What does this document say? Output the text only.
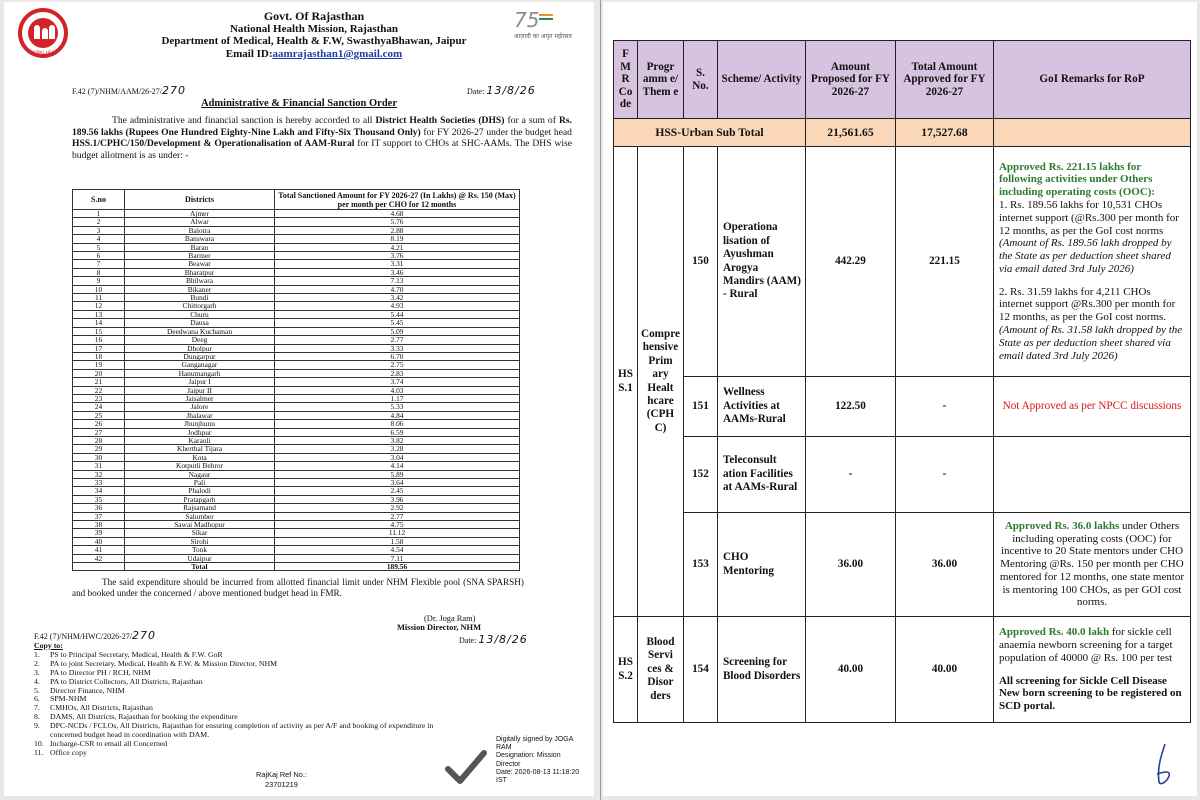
NATIONAL HEALTH MISSION
Govt. Of Rajasthan
National Health Mission, Rajasthan
Department of Medical, Health & F.W, SwasthyaBhawan, Jaipur
Email ID:aamrajasthan1@gmail.com
75
आज़ादी का अमृत महोत्सव
F.42 (7)/NHM/AAM/26-27/270	Date: 13/8/26
Administrative & Financial Sanction Order
The administrative and financial sanction is hereby accorded to all District Health Societies (DHS) for a sum of Rs. 189.56 lakhs (Rupees One Hundred Eighty-Nine Lakh and Fifty-Six Thousand Only) for FY 2026-27 under the budget head HSS.1/CPHC/150/Development & Operationalisation of AAM-Rural for IT support to CHOs at SHC-AAMs. The DHS wise budget allotment is as under: -
S.no	Districts	Total Sanctioned Amount for FY 2026-27 (In Lakhs) @ Rs. 150 (Max) per month per CHO for 12 months
1	Ajmer	4.68
2	Alwar	5.76
3	Balotra	2.88
4	Banswara	8.19
5	Baran	4.21
6	Barmer	3.76
7	Beawar	3.31
8	Bharatpur	3.46
9	Bhilwara	7.13
10	Bikaner	4.70
11	Bundi	3.42
12	Chittorgarh	4.93
13	Churu	5.44
14	Dausa	5.45
15	Deedwana Kuchaman	5.09
16	Deeg	2.77
17	Dholpur	3.33
18	Dungarpur	6.70
19	Ganganagar	2.75
20	Hanumangarh	2.83
21	Jaipur I	3.74
22	Jaipur II	4.03
23	Jaisalmer	1.17
24	Jalore	5.33
25	Jhalawar	4.84
26	Jhunjhunu	8.06
27	Jodhpur	6.59
28	Karauli	3.82
29	Kherthal Tijara	3.28
30	Kota	3.04
31	Kotputli Behror	4.14
32	Nagaur	5.89
33	Pali	3.64
34	Phalodi	2.45
35	Pratapgarh	3.96
36	Rajsamand	2.92
37	Salumber	2.77
38	Sawai Madhopur	4.75
39	Sikar	11.12
40	Sirohi	1.58
41	Tonk	4.54
42	Udaipur	7.11
	Total	189.56
The said expenditure should be incurred from allotted financial limit under NHM Flexible pool (SNA SPARSH) and booked under the concerned / above mentioned budget head in FMR.
(Dr. Joga Ram)
Mission Director, NHM
F.42 (7)/NHM/HWC/2026-27/270	Date: 13/8/26
Copy to:
1.	PS to Principal Secretary, Medical, Health & F.W. GoR
2.	PA to joint Secretary, Medical, Health & F.W. & Mission Director, NHM
3.	PA to Director PH / RCH, NHM
4.	PA to District Collectors, All Districts, Rajasthan
5.	Director Finance, NHM
6.	SPM-NHM
7.	CMHOs, All Districts, Rajasthan
8.	DAMS, All Districts, Rajasthan for booking the expenditure
9.	DPC-NCDs / FCLOs, All Districts, Rajasthan for ensuring completion of activity as per A/F and booking of expenditure in concerned budget head in coordination with DAM.
10. Incharge-CSR to email all Concerned
11. Office copy
Digitally signed by JOGA
RAM
Designation: Mission
Director
Date: 2026-08-13 11:18:20
IST
RajKaj Ref No.:
23701219
F M R Co de	Progr amm e/ Them e	S. No.	Scheme/ Activity	Amount Proposed for FY 2026-27	Total Amount Approved for FY 2026-27	GoI Remarks for RoP
HSS-Urban Sub Total				21,561.65	17,527.68	
HS S.1	Compre hensive Prim ary Healt hcare (CPH C)	150	Operationa lisation of Ayushman Arogya Mandirs (AAM) - Rural	442.29	221.15	Approved Rs. 221.15 lakhs for following activities under Others including operating costs (OOC):
1. Rs. 189.56 lakhs for 10,531 CHOs internet support (@Rs.300 per month for 12 months, as per the GoI cost norms
(Amount of Rs. 189.56 lakh dropped by the State as per deduction sheet shared via email dated 3rd July 2026)
2. Rs. 31.59 lakhs for 4,211 CHOs internet support @Rs.300 per month for 12 months, as per the GoI cost norms.
(Amount of Rs. 31.58 lakh dropped by the State as per deduction sheet shared via email dated 3rd July 2026)

		151	Wellness Activities at AAMs-Rural	122.50	-	Not Approved as per NPCC discussions
		152	Teleconsult ation Facilities at AAMs-Rural	-	-	
		153	CHO Mentoring	36.00	36.00	Approved Rs. 36.0 lakhs under Others including operating costs (OOC) for incentive to 20 State mentors under CHO Mentoring @Rs. 150 per month per CHO mentored for 12 months, one state mentor is mentoring 100 CHOs, as per GOI cost norms.
HS S.2	Blood Servi ces & Disor ders	154	Screening for Blood Disorders	40.00	40.00	Approved Rs. 40.0 lakh for sickle cell anaemia newborn screening for a target population of 40000 @ Rs. 100 per test
All screening for Sickle Cell Disease New born screening to be registered on SCD portal.
